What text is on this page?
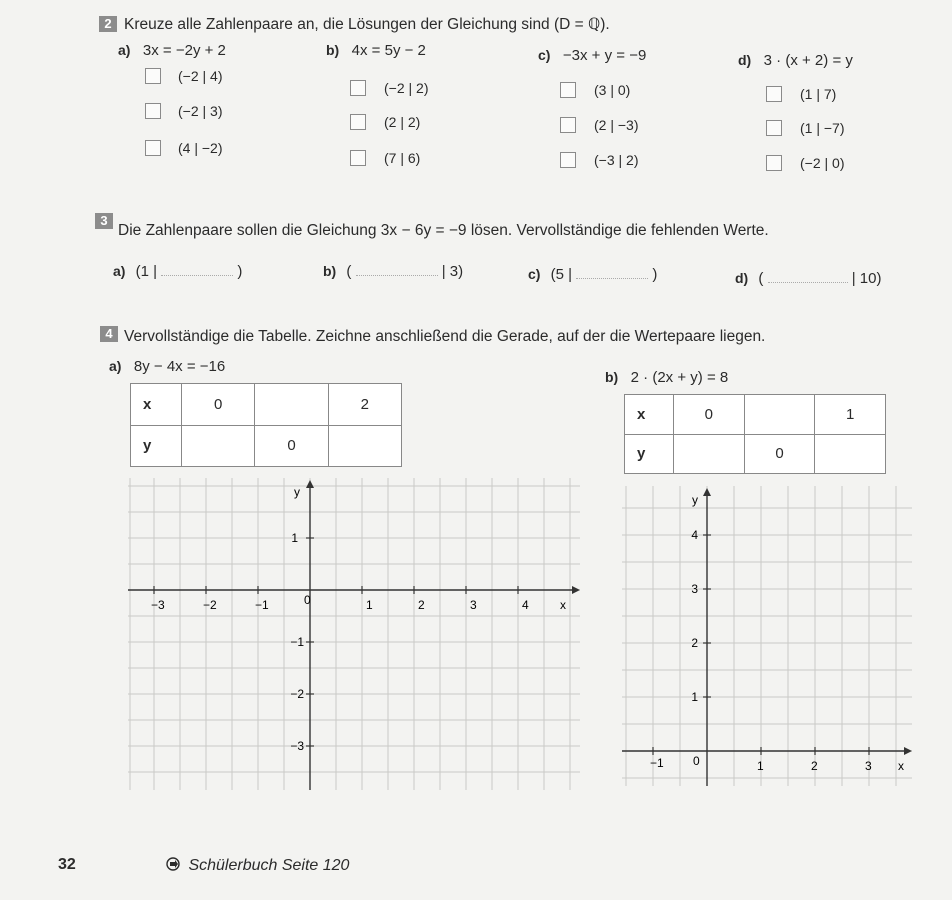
2 Kreuze alle Zahlenpaare an, die Lösungen der Gleichung sind (D = ℚ).
a) 3x = −2y + 2
(−2 | 4)
(−2 | 3)
(4 | −2)
b) 4x = 5y − 2
(−2 | 2)
(2 | 2)
(7 | 6)
c) −3x + y = −9
(3 | 0)
(2 | −3)
(−3 | 2)
d) 3 · (x + 2) = y
(1 | 7)
(1 | −7)
(−2 | 0)
3
Die Zahlenpaare sollen die Gleichung 3x − 6y = −9 lösen. Vervollständige die fehlenden Werte.
a) (1 |	)	b) (	| 3)	c) (5 |	)	d) (	| 10)
4 Vervollständige die Tabelle. Zeichne anschließend die Gerade, auf der die Wertepaare liegen.
a) 8y − 4x = −16
b) 2 · (2x + y) = 8
x	0		2
y		0	
x	0		1
y		0	
−3	−2	−1	0	1	2	3	4	x
y
1
−1
−2
−3
−1 0	1	2	3 x
y
4
3
2
1
32	Schülerbuch Seite 120
